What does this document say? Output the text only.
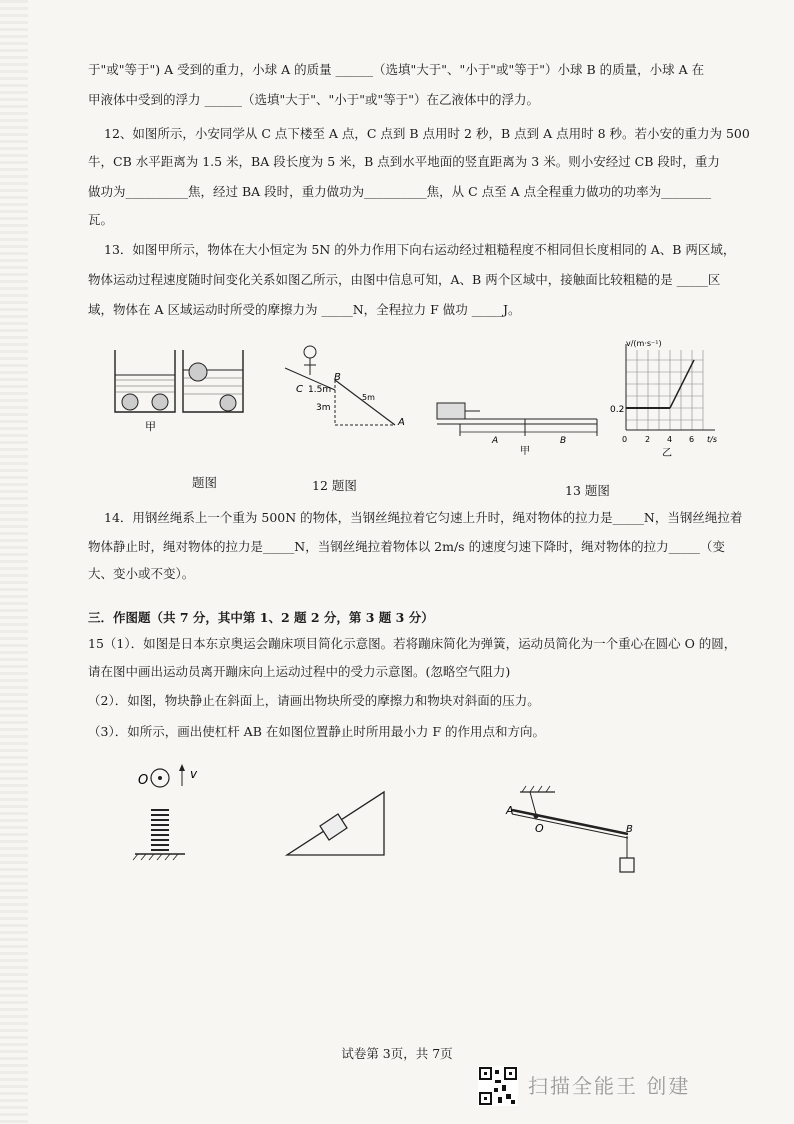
于"或"等于") A 受到的重力，小球 A 的质量 ______（选填"大于"、"小于"或"等于"）小球 B 的质量，小球 A 在
甲液体中受到的浮力 ______（选填"大于"、"小于"或"等于"）在乙液体中的浮力。
12、如图所示，小安同学从 C 点下楼至 A 点，C 点到 B 点用时 2 秒，B 点到 A 点用时 8 秒。若小安的重力为 500
牛，CB 水平距离为 1.5 米，BA 段长度为 5 米，B 点到水平地面的竖直距离为 3 米。则小安经过 CB 段时，重力
做功为__________焦，经过 BA 段时，重力做功为__________焦，从 C 点至 A 点全程重力做功的功率为________
瓦。
13．如图甲所示，物体在大小恒定为 5N 的外力作用下向右运动经过粗糙程度不相同但长度相同的 A、B 两区域，
物体运动过程速度随时间变化关系如图乙所示，由图中信息可知，A、B 两个区域中，接触面比较粗糙的是 _____区
域，物体在 A 区域运动时所受的摩擦力为 _____N，全程拉力 F 做功 _____J。
甲
B
C 1.5m
3m
5m
A
A	B
甲
v/(m·s⁻¹)
t/s
0.2
0 2 4 6
乙
题图	12 题图	13 题图
14．用钢丝绳系上一个重为 500N 的物体，当钢丝绳拉着它匀速上升时，绳对物体的拉力是_____N，当钢丝绳拉着
物体静止时，绳对物体的拉力是_____N，当钢丝绳拉着物体以 2m/s 的速度匀速下降时，绳对物体的拉力_____（变
大、变小或不变）。
三．作图题（共 7 分，其中第 1、2 题 2 分，第 3 题 3 分）
15（1）．如图是日本东京奥运会蹦床项目简化示意图。若将蹦床简化为弹簧，运动员简化为一个重心在圆心 O 的圆，
请在图中画出运动员离开蹦床向上运动过程中的受力示意图。(忽略空气阻力)
（2）．如图，物块静止在斜面上，请画出物块所受的摩擦力和物块对斜面的压力。
（3）．如所示，画出使杠杆 AB 在如图位置静止时所用最小力 F 的作用点和方向。
O	v
A
O	B
试卷第 3页，共 7页
扫描全能王 创建
